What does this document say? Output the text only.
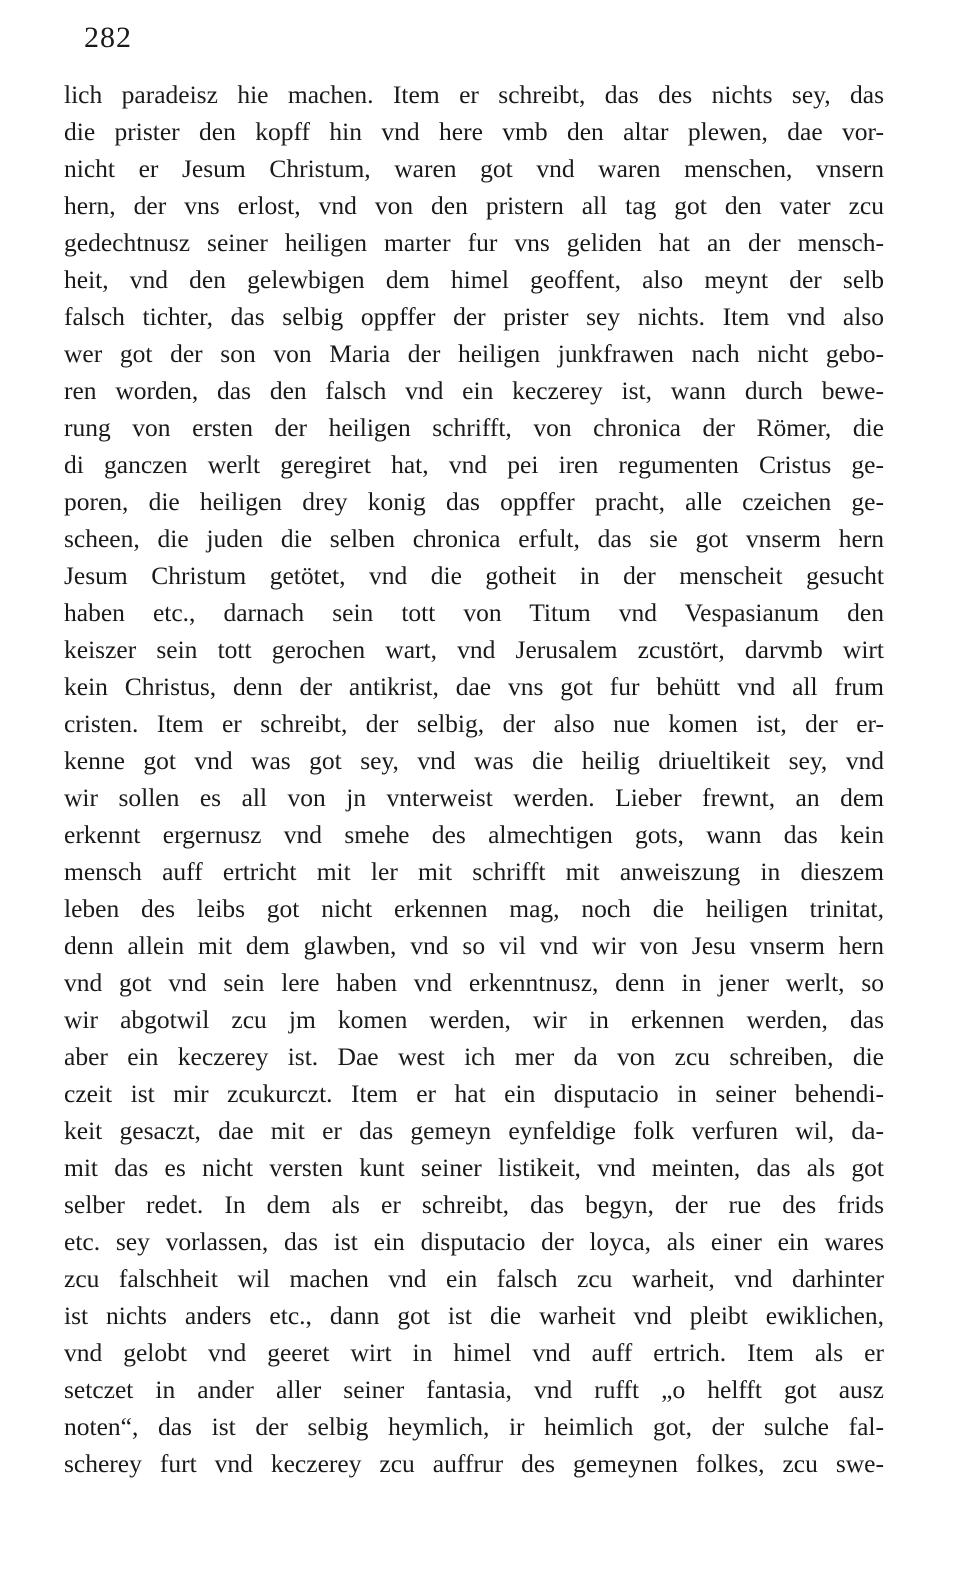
282
lich paradeisz hie machen. Item er schreibt, das des nichts sey, das
die prister den kopff hin vnd here vmb den altar plewen, dae vor-
nicht er Jesum Christum, waren got vnd waren menschen, vnsern
hern, der vns erlost, vnd von den pristern all tag got den vater zcu
gedechtnusz seiner heiligen marter fur vns geliden hat an der mensch-
heit, vnd den gelewbigen dem himel geoffent, also meynt der selb
falsch tichter, das selbig oppffer der prister sey nichts. Item vnd also
wer got der son von Maria der heiligen junkfrawen nach nicht gebo-
ren worden, das den falsch vnd ein keczerey ist, wann durch bewe-
rung von ersten der heiligen schrifft, von chronica der Römer, die
di ganczen werlt geregiret hat, vnd pei iren regumenten Cristus ge-
poren, die heiligen drey konig das oppffer pracht, alle czeichen ge-
scheen, die juden die selben chronica erfult, das sie got vnserm hern
Jesum Christum getötet, vnd die gotheit in der menscheit gesucht
haben etc., darnach sein tott von Titum vnd Vespasianum den
keiszer sein tott gerochen wart, vnd Jerusalem zcustört, darvmb wirt
kein Christus, denn der antikrist, dae vns got fur behütt vnd all frum
cristen. Item er schreibt, der selbig, der also nue komen ist, der er-
kenne got vnd was got sey, vnd was die heilig driueltikeit sey, vnd
wir sollen es all von jn vnterweist werden. Lieber frewnt, an dem
erkennt ergernusz vnd smehe des almechtigen gots, wann das kein
mensch auff ertricht mit ler mit schrifft mit anweiszung in dieszem
leben des leibs got nicht erkennen mag, noch die heiligen trinitat,
denn allein mit dem glawben, vnd so vil vnd wir von Jesu vnserm hern
vnd got vnd sein lere haben vnd erkenntnusz, denn in jener werlt, so
wir abgotwil zcu jm komen werden, wir in erkennen werden, das
aber ein keczerey ist. Dae west ich mer da von zcu schreiben, die
czeit ist mir zcukurczt. Item er hat ein disputacio in seiner behendi-
keit gesaczt, dae mit er das gemeyn eynfeldige folk verfuren wil, da-
mit das es nicht versten kunt seiner listikeit, vnd meinten, das als got
selber redet. In dem als er schreibt, das begyn, der rue des frids
etc. sey vorlassen, das ist ein disputacio der loyca, als einer ein wares
zcu falschheit wil machen vnd ein falsch zcu warheit, vnd darhinter
ist nichts anders etc., dann got ist die warheit vnd pleibt ewiklichen,
vnd gelobt vnd geeret wirt in himel vnd auff ertrich. Item als er
setczet in ander aller seiner fantasia, vnd rufft „o helfft got ausz
noten“, das ist der selbig heymlich, ir heimlich got, der sulche fal-
scherey furt vnd keczerey zcu auffrur des gemeynen folkes, zcu swe-
